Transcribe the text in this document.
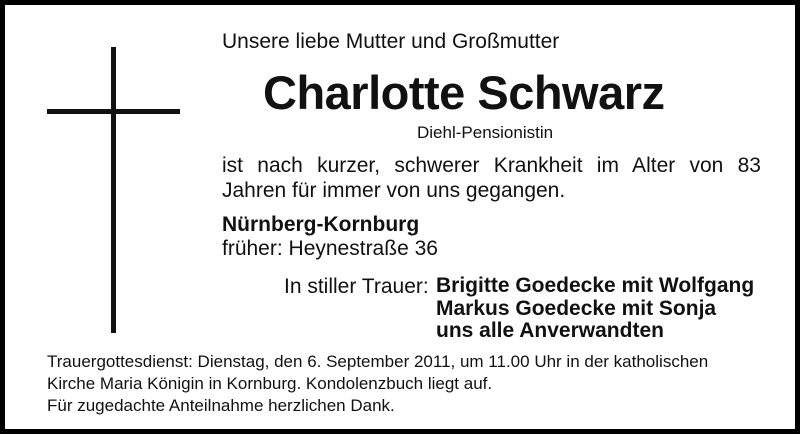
Unsere liebe Mutter und Großmutter
Charlotte Schwarz
Diehl-Pensionistin
ist nach kurzer, schwerer Krankheit im Alter von 83 Jahren für immer von uns gegangen.
Nürnberg-Kornburg
früher: Heynestraße 36
In stiller Trauer: Brigitte Goedecke mit Wolfgang
Markus Goedecke mit Sonja
uns alle Anverwandten
Trauergottesdienst: Dienstag, den 6. September 2011, um 11.00 Uhr in der katholischen
Kirche Maria Königin in Kornburg. Kondolenzbuch liegt auf.
Für zugedachte Anteilnahme herzlichen Dank.
